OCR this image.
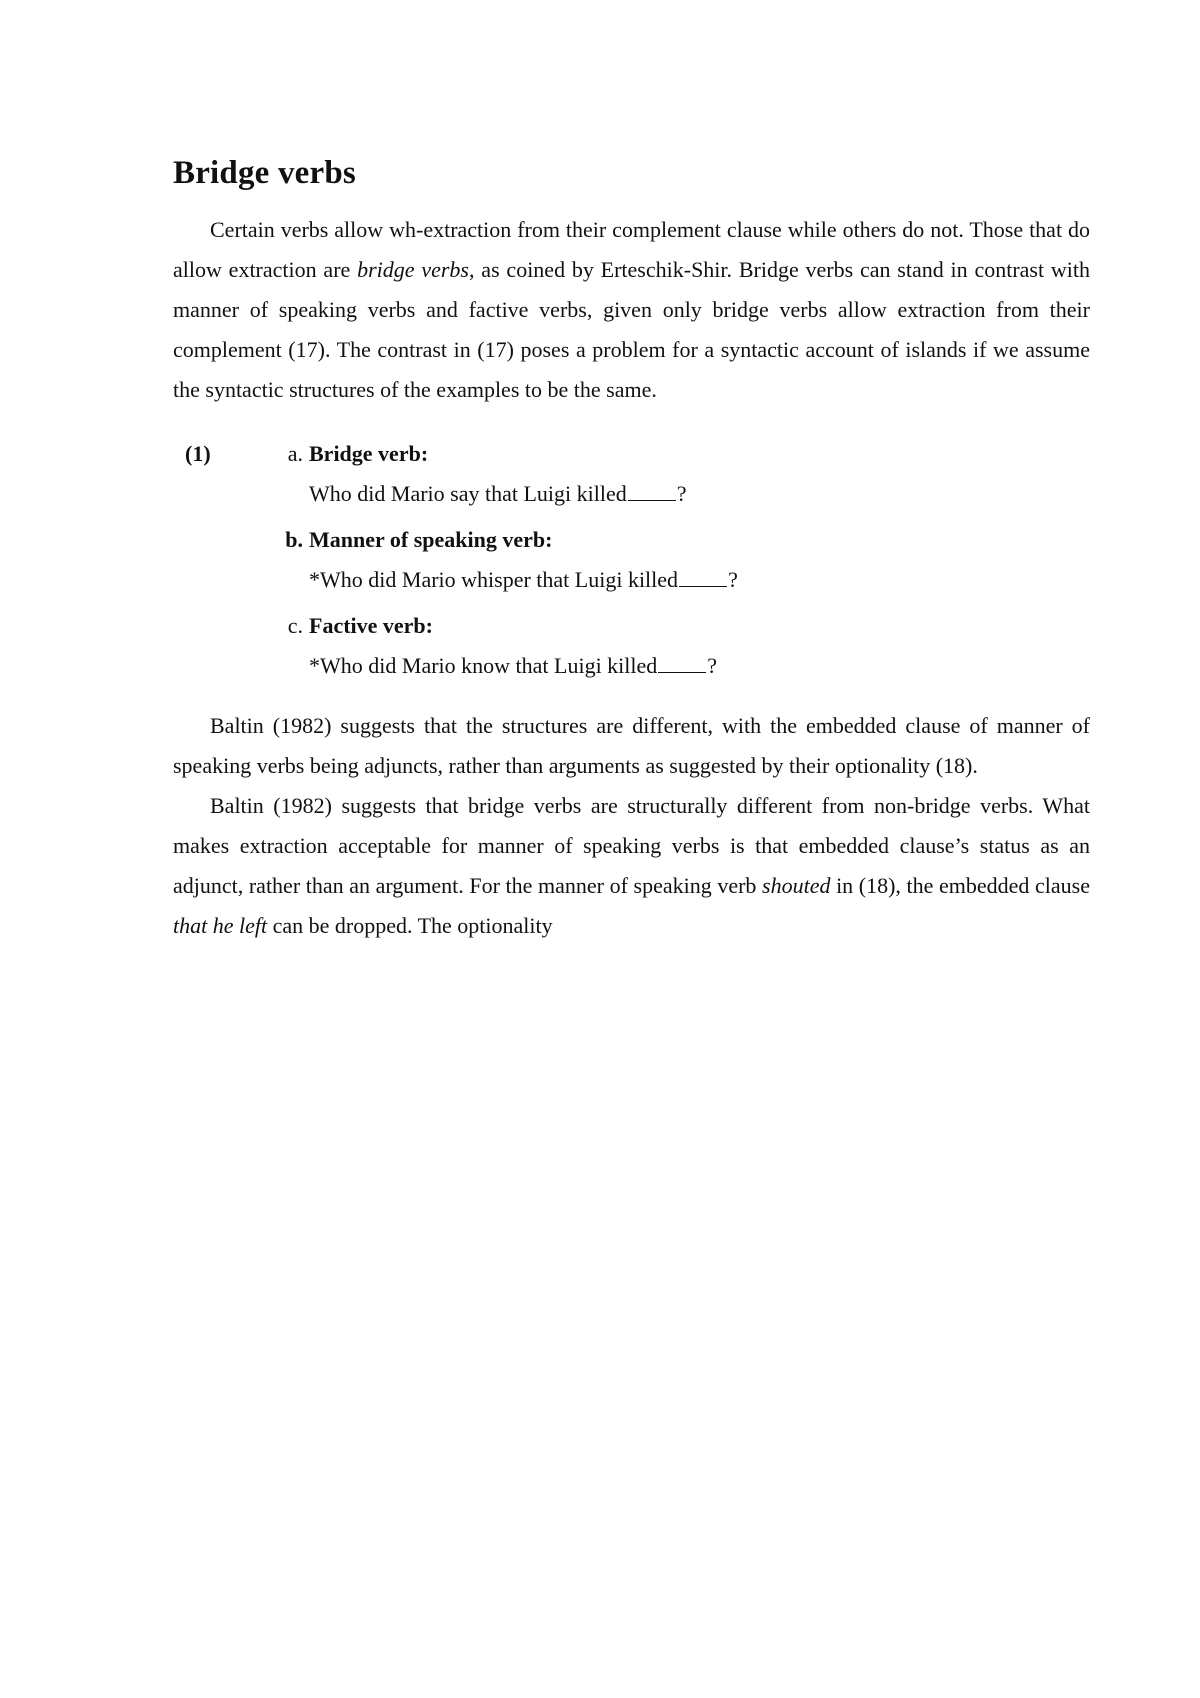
Bridge verbs

Certain verbs allow wh-extraction from their complement clause while others do not. Those that do allow extraction are bridge verbs, as coined by Erteschik-Shir. Bridge verbs can stand in contrast with manner of speaking verbs and factive verbs, given only bridge verbs allow extraction from their complement (17). The contrast in (17) poses a problem for a syntactic account of islands if we assume the syntactic structures of the examples to be the same.

(1)	a. Bridge verb:
Who did Mario say that Luigi killed ?
b. Manner of speaking verb:
*Who did Mario whisper that Luigi killed ?
c. Factive verb:
*Who did Mario know that Luigi killed ?

Baltin (1982) suggests that the structures are different, with the embedded clause of manner of speaking verbs being adjuncts, rather than arguments as suggested by their optionality (18).

Baltin (1982) suggests that bridge verbs are structurally different from non-bridge verbs. What makes extraction acceptable for manner of speaking verbs is that embedded clause’s status as an adjunct, rather than an argument. For the manner of speaking verb shouted in (18), the embedded clause that he left can be dropped. The optionality
